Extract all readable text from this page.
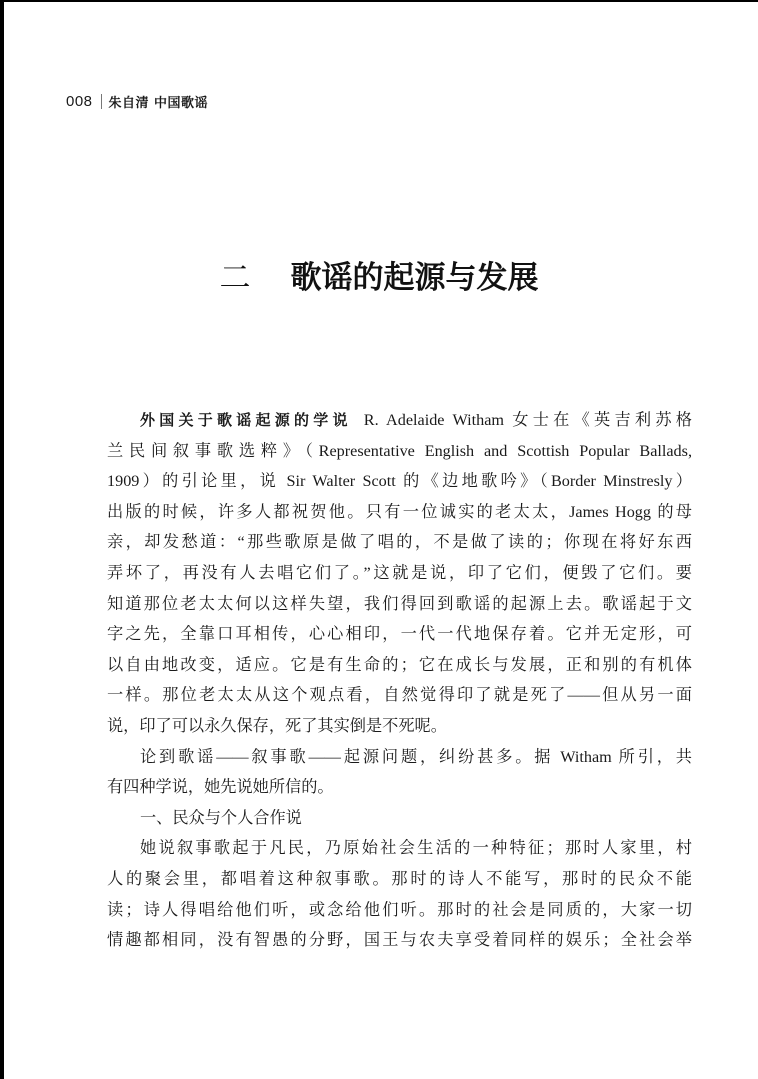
008 朱自清 中国歌谣
二 歌谣的起源与发展
外国关于歌谣起源的学说 R. Adelaide Witham 女士在《英吉利苏格
兰民间叙事歌选粹》（Representative English and Scottish Popular Ballads,
1909）的引论里，说 Sir Walter Scott 的《边地歌吟》（Border Minstresly）
出版的时候，许多人都祝贺他。只有一位诚实的老太太，James Hogg 的母
亲，却发愁道：“那些歌原是做了唱的，不是做了读的；你现在将好东西
弄坏了，再没有人去唱它们了。”这就是说，印了它们，便毁了它们。要
知道那位老太太何以这样失望，我们得回到歌谣的起源上去。歌谣起于文
字之先，全靠口耳相传，心心相印，一代一代地保存着。它并无定形，可
以自由地改变，适应。它是有生命的；它在成长与发展，正和别的有机体
一样。那位老太太从这个观点看，自然觉得印了就是死了——但从另一面
说，印了可以永久保存，死了其实倒是不死呢。
论到歌谣——叙事歌——起源问题，纠纷甚多。据 Witham 所引，共
有四种学说，她先说她所信的。
一、民众与个人合作说
她说叙事歌起于凡民，乃原始社会生活的一种特征；那时人家里，村
人的聚会里，都唱着这种叙事歌。那时的诗人不能写，那时的民众不能
读；诗人得唱给他们听，或念给他们听。那时的社会是同质的，大家一切
情趣都相同，没有智愚的分野，国王与农夫享受着同样的娱乐；全社会举
